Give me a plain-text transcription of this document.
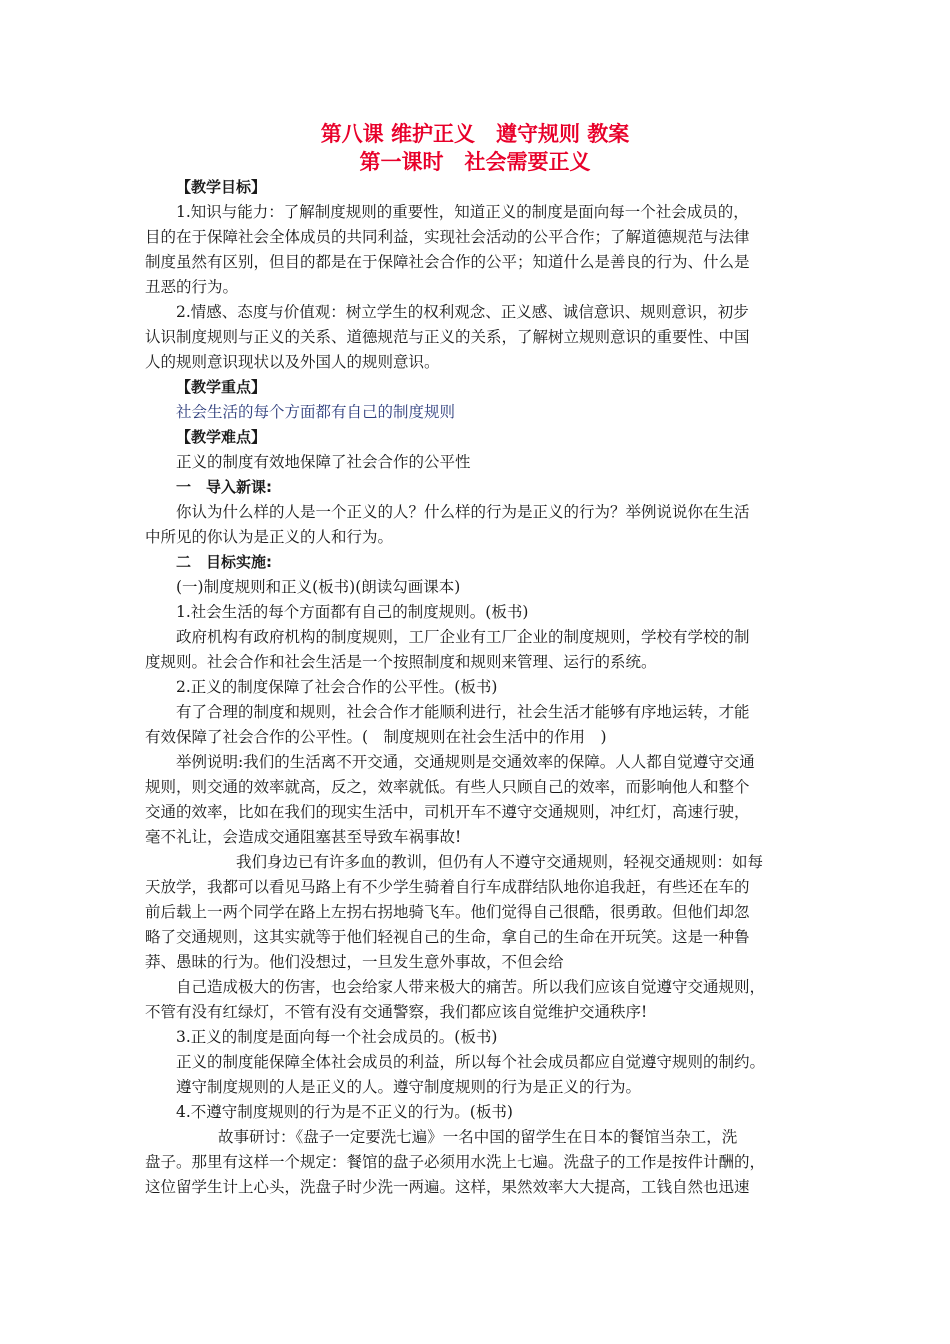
第八课 维护正义　遵守规则 教案
第一课时　社会需要正义
【教学目标】
1.知识与能力：了解制度规则的重要性，知道正义的制度是面向每一个社会成员的，
目的在于保障社会全体成员的共同利益，实现社会活动的公平合作；了解道德规范与法律
制度虽然有区别，但目的都是在于保障社会合作的公平；知道什么是善良的行为、什么是
丑恶的行为。
2.情感、态度与价值观：树立学生的权利观念、正义感、诚信意识、规则意识，初步
认识制度规则与正义的关系、道德规范与正义的关系，了解树立规则意识的重要性、中国
人的规则意识现状以及外国人的规则意识。
【教学重点】
社会生活的每个方面都有自己的制度规则
【教学难点】
正义的制度有效地保障了社会合作的公平性
一　导入新课:
你认为什么样的人是一个正义的人？什么样的行为是正义的行为？举例说说你在生活
中所见的你认为是正义的人和行为。
二　目标实施:
(一)制度规则和正义(板书)(朗读勾画课本)
1.社会生活的每个方面都有自己的制度规则。(板书)
政府机构有政府机构的制度规则，工厂企业有工厂企业的制度规则，学校有学校的制
度规则。社会合作和社会生活是一个按照制度和规则来管理、运行的系统。
2.正义的制度保障了社会合作的公平性。(板书)
有了合理的制度和规则，社会合作才能顺利进行，社会生活才能够有序地运转，才能
有效保障了社会合作的公平性。(　制度规则在社会生活中的作用　)
举例说明:我们的生活离不开交通，交通规则是交通效率的保障。人人都自觉遵守交通
规则，则交通的效率就高，反之，效率就低。有些人只顾自己的效率，而影响他人和整个
交通的效率，比如在我们的现实生活中，司机开车不遵守交通规则，冲红灯，高速行驶，
毫不礼让，会造成交通阻塞甚至导致车祸事故!
我们身边已有许多血的教训，但仍有人不遵守交通规则，轻视交通规则：如每
天放学，我都可以看见马路上有不少学生骑着自行车成群结队地你追我赶，有些还在车的
前后载上一两个同学在路上左拐右拐地骑飞车。他们觉得自己很酷，很勇敢。但他们却忽
略了交通规则，这其实就等于他们轻视自己的生命，拿自己的生命在开玩笑。这是一种鲁
莽、愚昧的行为。他们没想过，一旦发生意外事故，不但会给
自己造成极大的伤害，也会给家人带来极大的痛苦。所以我们应该自觉遵守交通规则，
不管有没有红绿灯，不管有没有交通警察，我们都应该自觉维护交通秩序!
3.正义的制度是面向每一个社会成员的。(板书)
正义的制度能保障全体社会成员的利益，所以每个社会成员都应自觉遵守规则的制约。
遵守制度规则的人是正义的人。遵守制度规则的行为是正义的行为。
4.不遵守制度规则的行为是不正义的行为。(板书)
故事研讨：《盘子一定要洗七遍》一名中国的留学生在日本的餐馆当杂工，洗
盘子。那里有这样一个规定：餐馆的盘子必须用水洗上七遍。洗盘子的工作是按件计酬的，
这位留学生计上心头，洗盘子时少洗一两遍。这样，果然效率大大提高，工钱自然也迅速
